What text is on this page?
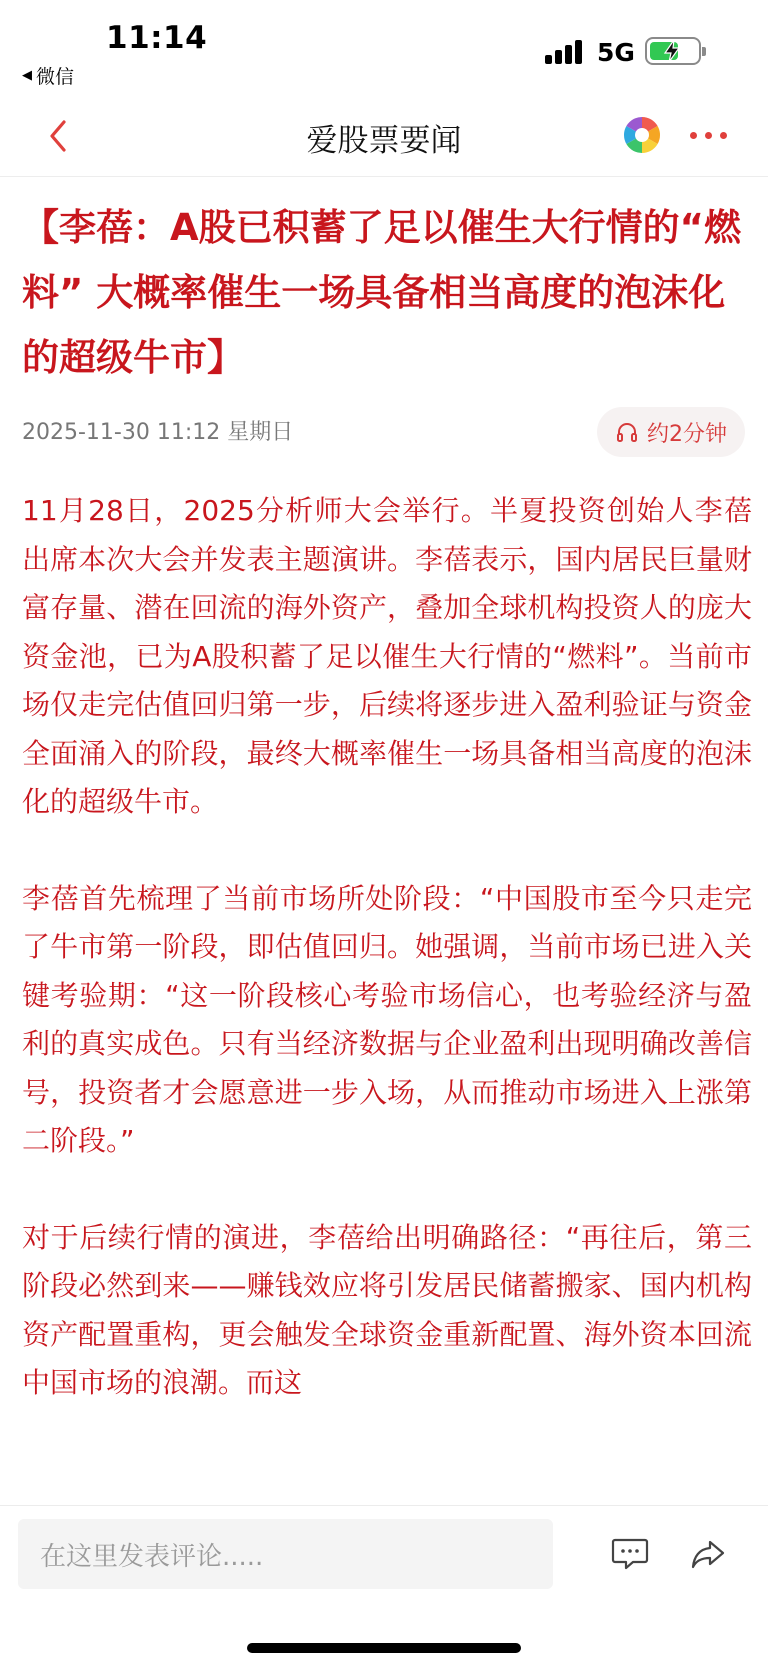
11:14
◀ 微信
5G
爱股票要闻
【李蓓：A股已积蓄了足以催生大行情的“燃料” 大概率催生一场具备相当高度的泡沫化的超级牛市】
2025-11-30 11:12 星期日	约2分钟

11月28日，2025分析师大会举行。半夏投资创始人李蓓出席本次大会并发表主题演讲。李蓓表示，国内居民巨量财富存量、潜在回流的海外资产，叠加全球机构投资人的庞大资金池，已为A股积蓄了足以催生大行情的“燃料”。当前市场仅走完估值回归第一步，后续将逐步进入盈利验证与资金全面涌入的阶段，最终大概率催生一场具备相当高度的泡沫化的超级牛市。

李蓓首先梳理了当前市场所处阶段：“中国股市至今只走完了牛市第一阶段，即估值回归。她强调，当前市场已进入关键考验期：“这一阶段核心考验市场信心，也考验经济与盈利的真实成色。只有当经济数据与企业盈利出现明确改善信号，投资者才会愿意进一步入场，从而推动市场进入上涨第二阶段。”

对于后续行情的演进，李蓓给出明确路径：“再往后，第三阶段必然到来——赚钱效应将引发居民储蓄搬家、国内机构资产配置重构，更会触发全球资金重新配置、海外资本回流中国市场的浪潮。而这

在这里发表评论.....
